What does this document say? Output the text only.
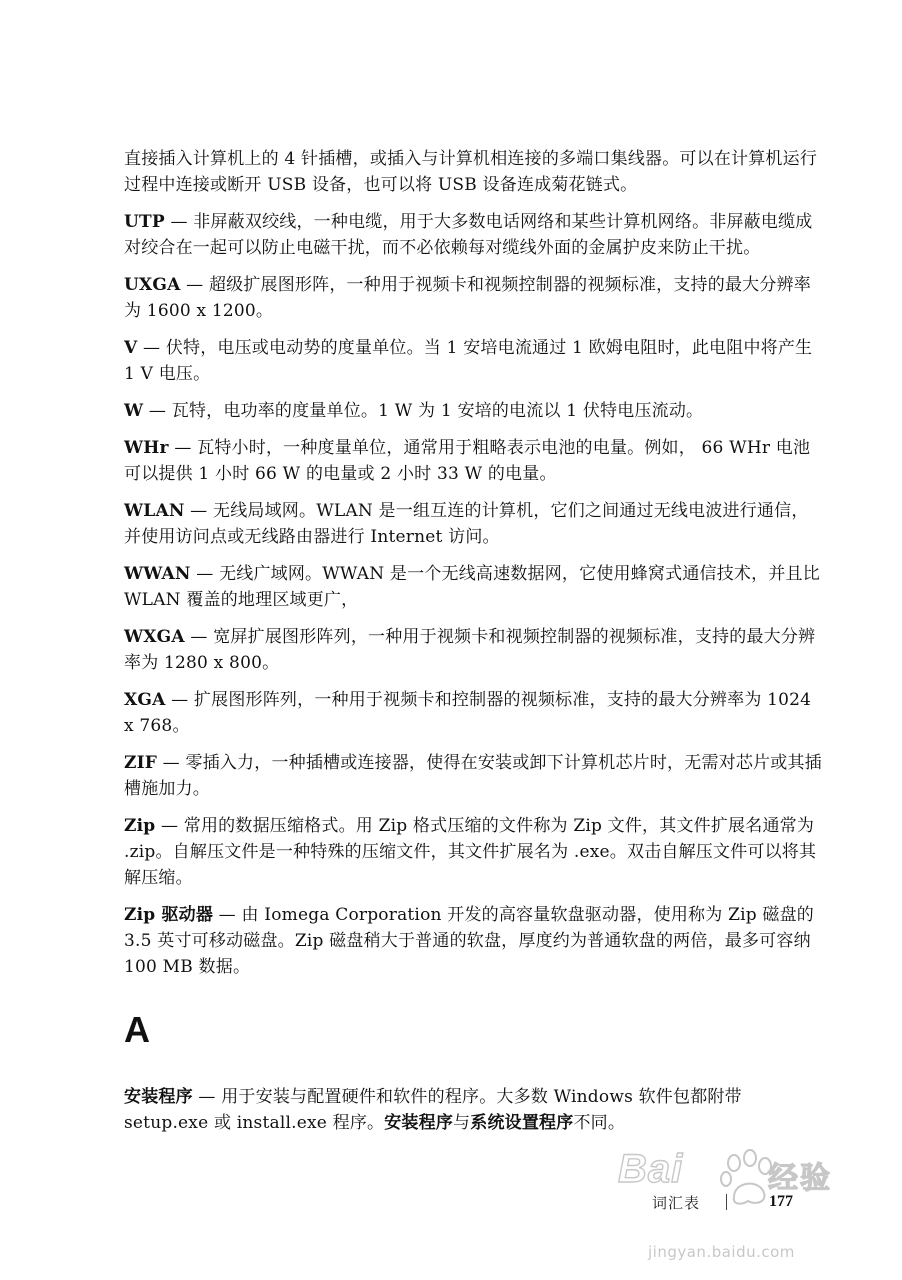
直接插入计算机上的 4 针插槽，或插入与计算机相连接的多端口集线器。可以在计算机运行过程中连接或断开 USB 设备，也可以将 USB 设备连成菊花链式。

UTP — 非屏蔽双绞线，一种电缆，用于大多数电话网络和某些计算机网络。非屏蔽电缆成对绞合在一起可以防止电磁干扰，而不必依赖每对缆线外面的金属护皮来防止干扰。

UXGA — 超级扩展图形阵，一种用于视频卡和视频控制器的视频标准，支持的最大分辨率为 1600 x 1200。

V — 伏特，电压或电动势的度量单位。当 1 安培电流通过 1 欧姆电阻时，此电阻中将产生 1 V 电压。

W — 瓦特，电功率的度量单位。1 W 为 1 安培的电流以 1 伏特电压流动。

WHr — 瓦特小时，一种度量单位，通常用于粗略表示电池的电量。例如， 66 WHr 电池可以提供 1 小时 66 W 的电量或 2 小时 33 W 的电量。

WLAN — 无线局域网。WLAN 是一组互连的计算机，它们之间通过无线电波进行通信，并使用访问点或无线路由器进行 Internet 访问。

WWAN — 无线广域网。WWAN 是一个无线高速数据网，它使用蜂窝式通信技术，并且比 WLAN 覆盖的地理区域更广，

WXGA — 宽屏扩展图形阵列，一种用于视频卡和视频控制器的视频标准，支持的最大分辨率为 1280 x 800。

XGA — 扩展图形阵列，一种用于视频卡和控制器的视频标准，支持的最大分辨率为 1024 x 768。

ZIF — 零插入力，一种插槽或连接器，使得在安装或卸下计算机芯片时，无需对芯片或其插槽施加力。

Zip — 常用的数据压缩格式。用 Zip 格式压缩的文件称为 Zip 文件，其文件扩展名通常为 .zip。自解压文件是一种特殊的压缩文件，其文件扩展名为 .exe。双击自解压文件可以将其解压缩。

Zip 驱动器 — 由 Iomega Corporation 开发的高容量软盘驱动器，使用称为 Zip 磁盘的 3.5 英寸可移动磁盘。Zip 磁盘稍大于普通的软盘，厚度约为普通软盘的两倍，最多可容纳 100 MB 数据。

A

安装程序 — 用于安装与配置硬件和软件的程序。大多数 Windows 软件包都附带 setup.exe 或 install.exe 程序。安装程序与系统设置程序不同。

Bai	经验
jingyan.baidu.com
词汇表	177
